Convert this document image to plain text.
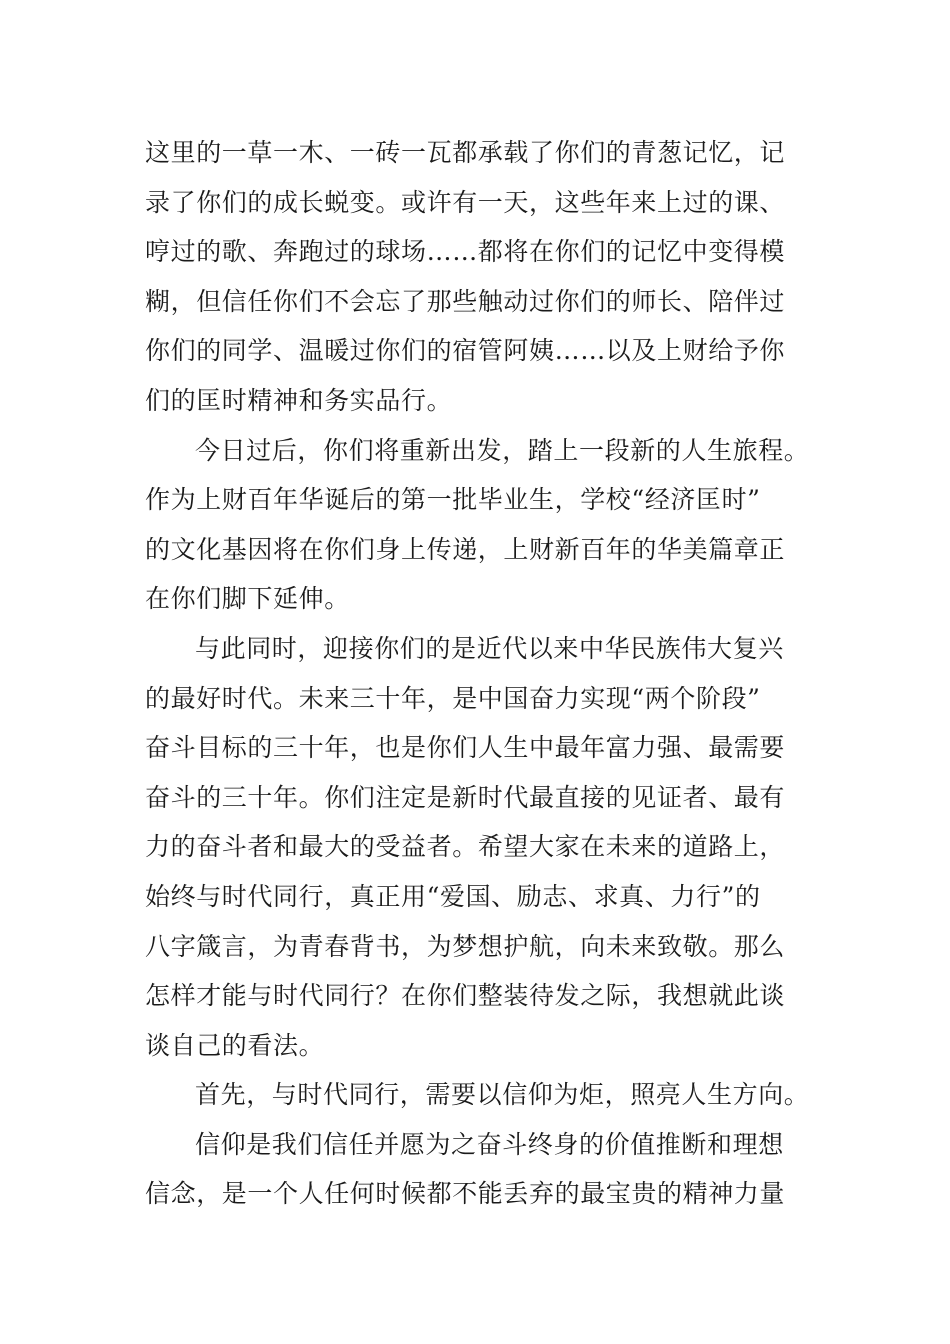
这里的一草一木、一砖一瓦都承载了你们的青葱记忆，记
录了你们的成长蜕变。或许有一天，这些年来上过的课、
哼过的歌、奔跑过的球场……都将在你们的记忆中变得模
糊，但信任你们不会忘了那些触动过你们的师长、陪伴过
你们的同学、温暖过你们的宿管阿姨……以及上财给予你
们的匡时精神和务实品行。
今日过后，你们将重新出发，踏上一段新的人生旅程。
作为上财百年华诞后的第一批毕业生，学校“经济匡时”
的文化基因将在你们身上传递，上财新百年的华美篇章正
在你们脚下延伸。
与此同时，迎接你们的是近代以来中华民族伟大复兴
的最好时代。未来三十年，是中国奋力实现“两个阶段”
奋斗目标的三十年，也是你们人生中最年富力强、最需要
奋斗的三十年。你们注定是新时代最直接的见证者、最有
力的奋斗者和最大的受益者。希望大家在未来的道路上，
始终与时代同行，真正用“爱国、励志、求真、力行”的
八字箴言，为青春背书，为梦想护航，向未来致敬。那么
怎样才能与时代同行？在你们整装待发之际，我想就此谈
谈自己的看法。
首先，与时代同行，需要以信仰为炬，照亮人生方向。
信仰是我们信任并愿为之奋斗终身的价值推断和理想
信念，是一个人任何时候都不能丢弃的最宝贵的精神力量
